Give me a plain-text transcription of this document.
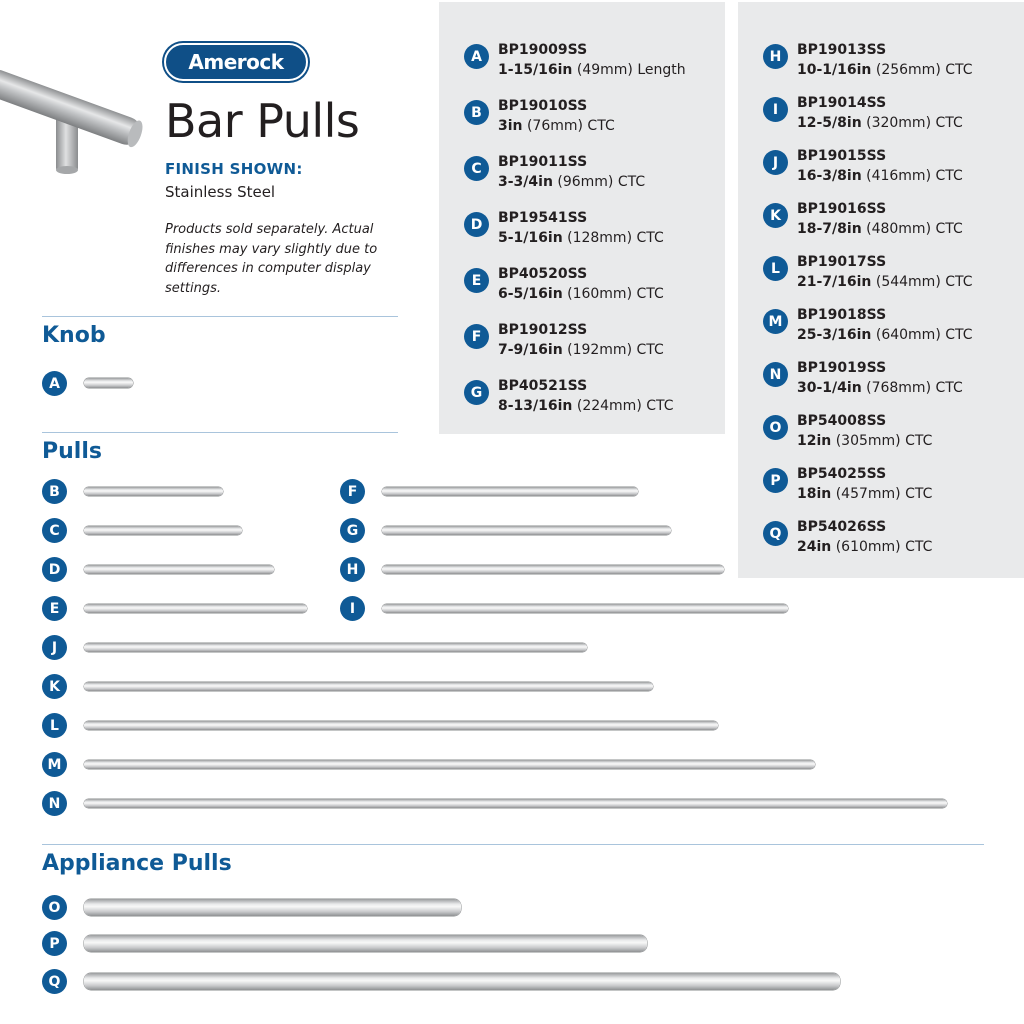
Amerock
Bar Pulls
FINISH SHOWN:
Stainless Steel
Products sold separately. Actual finishes may vary slightly due to differences in computer display settings.
Knob
Pulls
Appliance Pulls
A
B
C
D
E
F
G
H
I
J
K
L
M
N
O
P
Q
A	BP19009SS
1-15/16in (49mm) Length
B	BP19010SS
3in (76mm) CTC
C	BP19011SS
3-3/4in (96mm) CTC
D	BP19541SS
5-1/16in (128mm) CTC
E	BP40520SS
6-5/16in (160mm) CTC
F	BP19012SS
7-9/16in (192mm) CTC
G	BP40521SS
8-13/16in (224mm) CTC
H	BP19013SS
10-1/16in (256mm) CTC
I	BP19014SS
12-5/8in (320mm) CTC
J	BP19015SS
16-3/8in (416mm) CTC
K	BP19016SS
18-7/8in (480mm) CTC
L	BP19017SS
21-7/16in (544mm) CTC
M	BP19018SS
25-3/16in (640mm) CTC
N	BP19019SS
30-1/4in (768mm) CTC
O	BP54008SS
12in (305mm) CTC
P	BP54025SS
18in (457mm) CTC
Q	BP54026SS
24in (610mm) CTC
